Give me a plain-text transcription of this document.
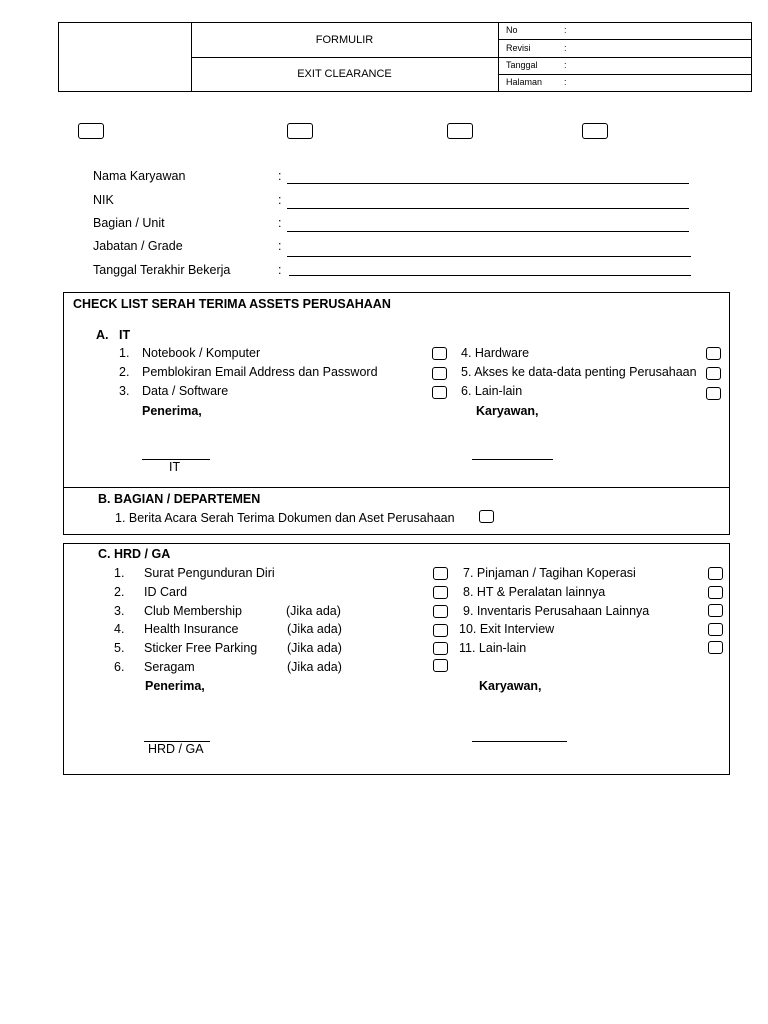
FORMULIR
EXIT CLEARANCE
No	:
Revisi	:
Tanggal	:
Halaman :
Nama Karyawan	:
NIK	:
Bagian / Unit	:
Jabatan / Grade	:
Tanggal Terakhir Bekerja	:
CHECK LIST SERAH TERIMA ASSETS PERUSAHAAN
A. IT
1. Notebook / Komputer
2. Pemblokiran Email Address dan Password
3. Data / Software
4. Hardware
5. Akses ke data-data penting Perusahaan
6. Lain-lain
Penerima,	Karyawan,
IT
B. BAGIAN / DEPARTEMEN
1. Berita Acara Serah Terima Dokumen dan Aset Perusahaan
C. HRD / GA
1. Surat Pengunduran Diri
2. ID Card
3. Club Membership	(Jika ada)
4. Health Insurance	(Jika ada)
5. Sticker Free Parking (Jika ada)
6. Seragam	(Jika ada)
7. Pinjaman / Tagihan Koperasi
8. HT & Peralatan lainnya
9. Inventaris Perusahaan Lainnya
10. Exit Interview
11. Lain-lain
Penerima,	Karyawan,
HRD / GA
